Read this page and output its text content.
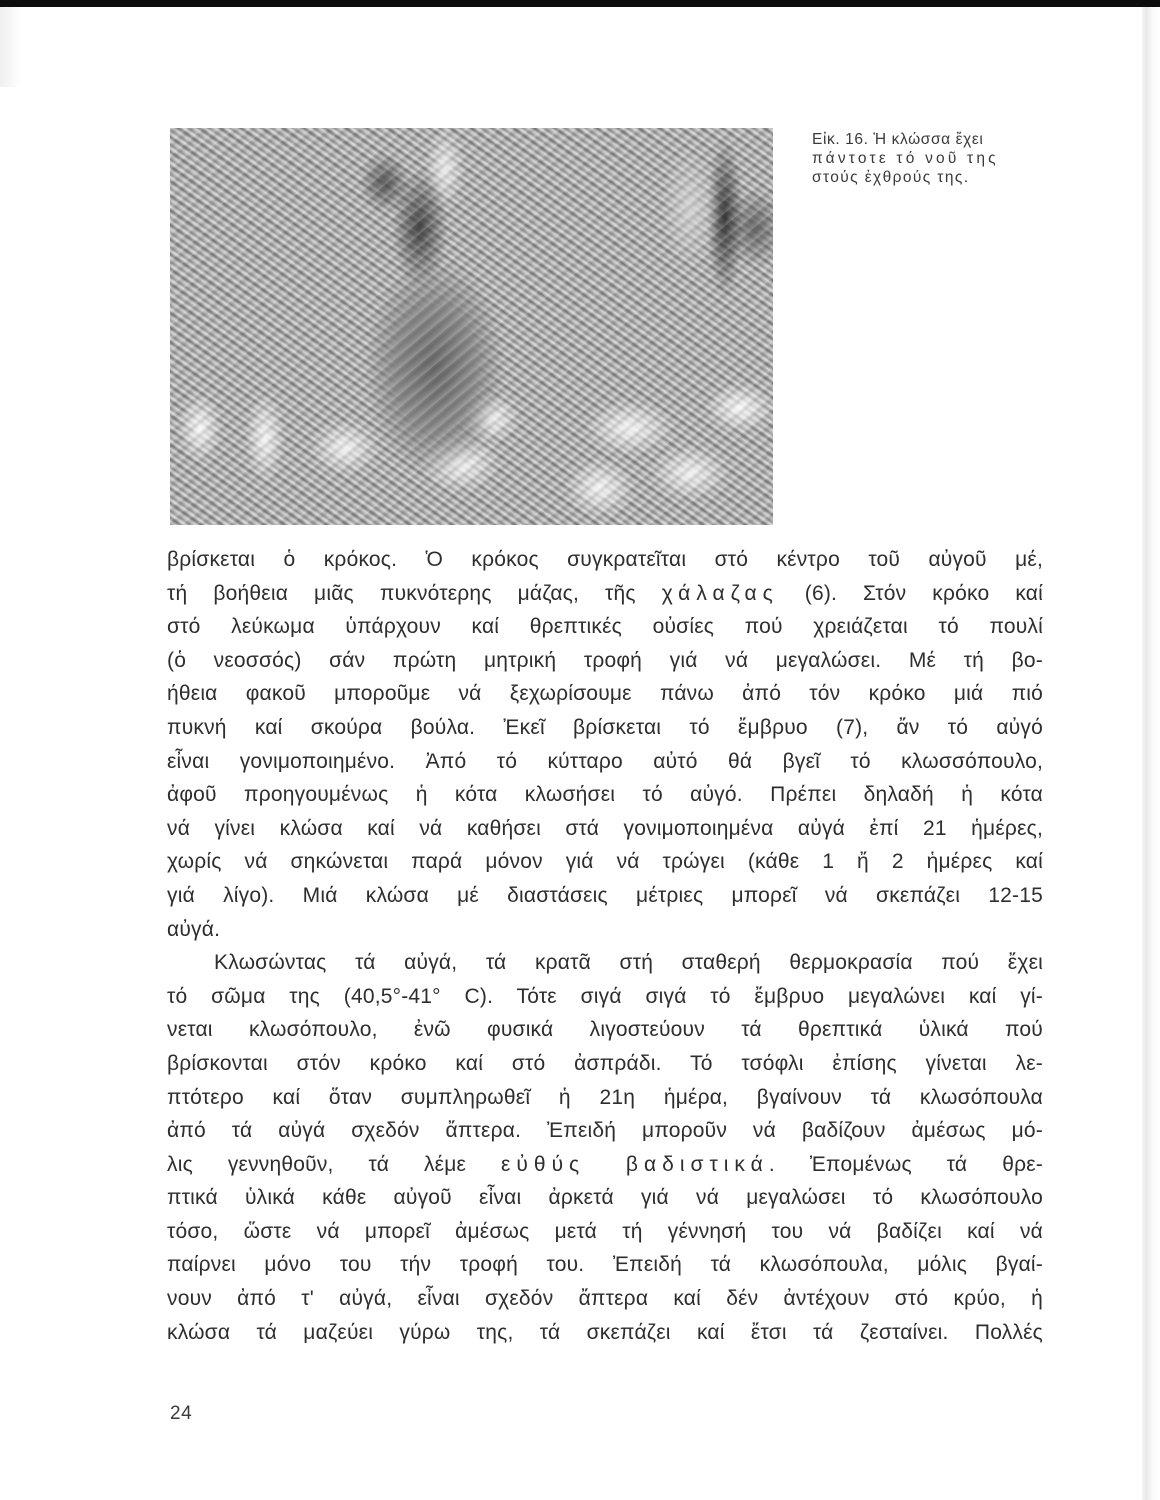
Εἰκ. 16. Ἡ κλώσσα ἔχει
πάντοτε τό νοῦ της
στούς ἐχθρούς της.
βρίσκεται ὁ κρόκος. Ὁ κρόκος συγκρατεῖται στό κέντρο τοῦ αὐγοῦ μέ,
τή βοήθεια μιᾶς πυκνότερης μάζας, τῆς χάλαζας (6). Στόν κρόκο καί
στό λεύκωμα ὑπάρχουν καί θρεπτικές οὐσίες πού χρειάζεται τό πουλί
(ὁ νεοσσός) σάν πρώτη μητρική τροφή γιά νά μεγαλώσει. Μέ τή βο-
ήθεια φακοῦ μποροῦμε νά ξεχωρίσουμε πάνω ἀπό τόν κρόκο μιά πιό
πυκνή καί σκούρα βούλα. Ἐκεῖ βρίσκεται τό ἔμβρυο (7), ἄν τό αὐγό
εἶναι γονιμοποιημένο. Ἀπό τό κύτταρο αὐτό θά βγεῖ τό κλωσσόπουλο,
ἀφοῦ προηγουμένως ἡ κότα κλωσήσει τό αὐγό. Πρέπει δηλαδή ἡ κότα
νά γίνει κλώσα καί νά καθήσει στά γονιμοποιημένα αὐγά ἐπί 21 ἡμέρες,
χωρίς νά σηκώνεται παρά μόνον γιά νά τρώγει (κάθε 1 ἤ 2 ἡμέρες καί
γιά λίγο). Μιά κλώσα μέ διαστάσεις μέτριες μπορεῖ νά σκεπάζει 12-15
αὐγά.
Κλωσώντας τά αὐγά, τά κρατᾶ στή σταθερή θερμοκρασία πού ἔχει
τό σῶμα της (40,5°-41° C). Τότε σιγά σιγά τό ἔμβρυο μεγαλώνει καί γί-
νεται κλωσόπουλο, ἐνῶ φυσικά λιγοστεύουν τά θρεπτικά ὑλικά πού
βρίσκονται στόν κρόκο καί στό ἀσπράδι. Τό τσόφλι ἐπίσης γίνεται λε-
πτότερο καί ὅταν συμπληρωθεῖ ἡ 21η ἡμέρα, βγαίνουν τά κλωσόπουλα
ἀπό τά αὐγά σχεδόν ἄπτερα. Ἐπειδή μποροῦν νά βαδίζουν ἀμέσως μό-
λις γεννηθοῦν, τά λέμε εὐθύς βαδιστικά. Ἐπομένως τά θρε-
πτικά ὑλικά κάθε αὐγοῦ εἶναι ἀρκετά γιά νά μεγαλώσει τό κλωσόπουλο
τόσο, ὥστε νά μπορεῖ ἀμέσως μετά τή γέννησή του νά βαδίζει καί νά
παίρνει μόνο του τήν τροφή του. Ἐπειδή τά κλωσόπουλα, μόλις βγαί-
νουν ἀπό τ' αὐγά, εἶναι σχεδόν ἄπτερα καί δέν ἀντέχουν στό κρύο, ἡ
κλώσα τά μαζεύει γύρω της, τά σκεπάζει καί ἔτσι τά ζεσταίνει. Πολλές
24
